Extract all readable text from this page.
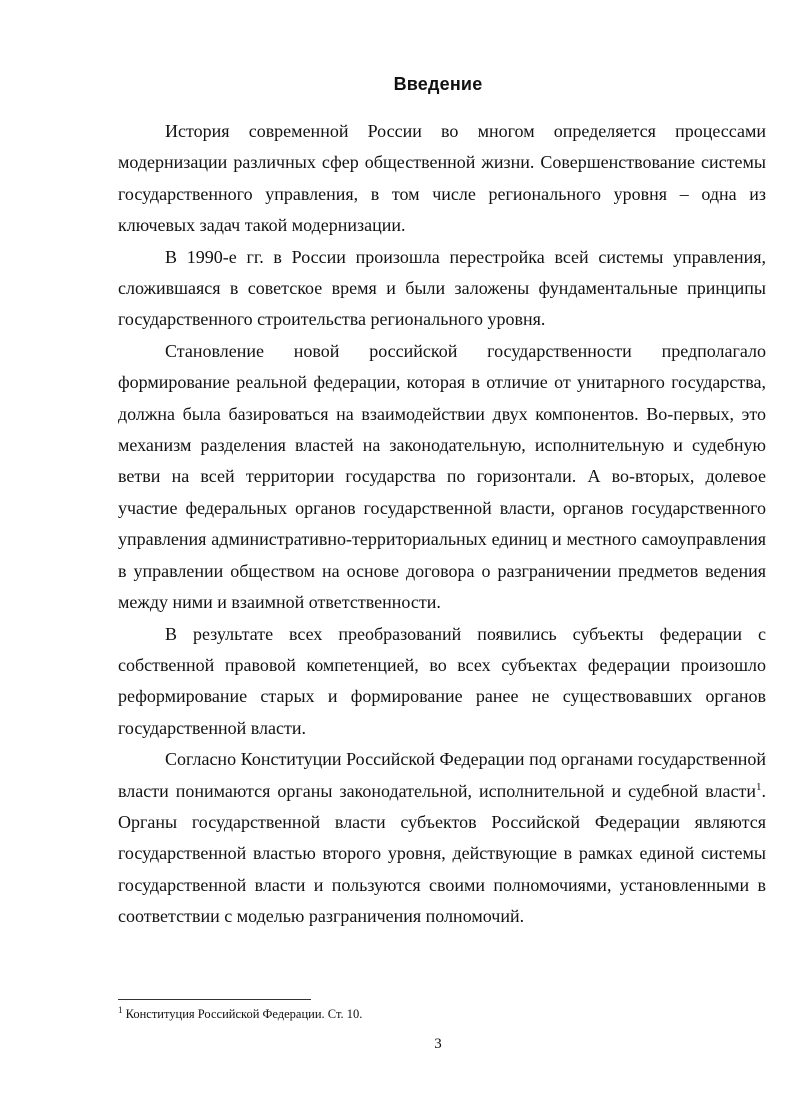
Введение

История современной России во многом определяется процессами модернизации различных сфер общественной жизни. Совершенствование системы государственного управления, в том числе регионального уровня – одна из ключевых задач такой модернизации.

В 1990-е гг. в России произошла перестройка всей системы управления, сложившаяся в советское время и были заложены фундаментальные принципы государственного строительства регионального уровня.

Становление новой российской государственности предполагало формирование реальной федерации, которая в отличие от унитарного государства, должна была базироваться на взаимодействии двух компонентов. Во-первых, это механизм разделения властей на законодательную, исполнительную и судебную ветви на всей территории государства по горизонтали. А во-вторых, долевое участие федеральных органов государственной власти, органов государственного управления административно-территориальных единиц и местного самоуправления в управлении обществом на основе договора о разграничении предметов ведения между ними и взаимной ответственности.

В результате всех преобразований появились субъекты федерации с собственной правовой компетенцией, во всех субъектах федерации произошло реформирование старых и формирование ранее не существовавших органов государственной власти.

Согласно Конституции Российской Федерации под органами государственной власти понимаются органы законодательной, исполнительной и судебной власти$^1$. Органы государственной власти субъектов Российской Федерации являются государственной властью второго уровня, действующие в рамках единой системы государственной власти и пользуются своими полномочиями, установленными в соответствии с моделью разграничения полномочий.

$^1$ Конституция Российской Федерации. Ст. 10.
3
